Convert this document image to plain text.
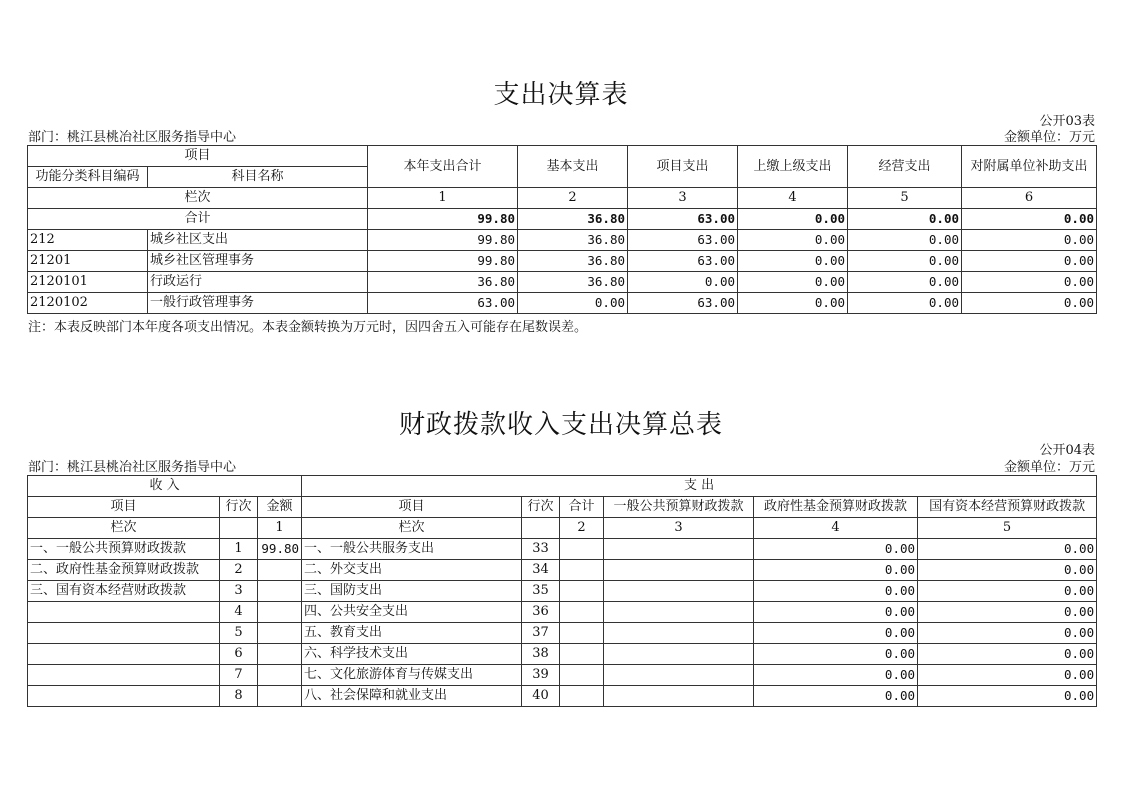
支出决算表
公开03表
部门：桃江县桃冶社区服务指导中心	金额单位：万元
项目		本年支出合计	基本支出	项目支出	上缴上级支出	经营支出	对附属单位补助支出
功能分类科目编码	科目名称						
栏次		1	2	3	4	5	6
合计		99.80	36.80	63.00	0.00	0.00	0.00
212	城乡社区支出	99.80	36.80	63.00	0.00	0.00	0.00
21201	城乡社区管理事务	99.80	36.80	63.00	0.00	0.00	0.00
2120101	行政运行	36.80	36.80	0.00	0.00	0.00	0.00
2120102	一般行政管理事务	63.00	0.00	63.00	0.00	0.00	0.00
注：本表反映部门本年度各项支出情况。本表金额转换为万元时，因四舍五入可能存在尾数误差。
财政拨款收入支出决算总表
公开04表
部门：桃江县桃冶社区服务指导中心	金额单位：万元
收 入			支 出					
项目	行次	金额	项目	行次	合计	一般公共预算财政拨款	政府性基金预算财政拨款	国有资本经营预算财政拨款
栏次		1	栏次		2	3	4	5
一、一般公共预算财政拨款	1	99.80	一、一般公共服务支出	33			0.00	0.00
二、政府性基金预算财政拨款	2		二、外交支出	34			0.00	0.00
三、国有资本经营财政拨款	3		三、国防支出	35			0.00	0.00
	4		四、公共安全支出	36			0.00	0.00
	5		五、教育支出	37			0.00	0.00
	6		六、科学技术支出	38			0.00	0.00
	7		七、文化旅游体育与传媒支出	39			0.00	0.00
	8		八、社会保障和就业支出	40			0.00	0.00
